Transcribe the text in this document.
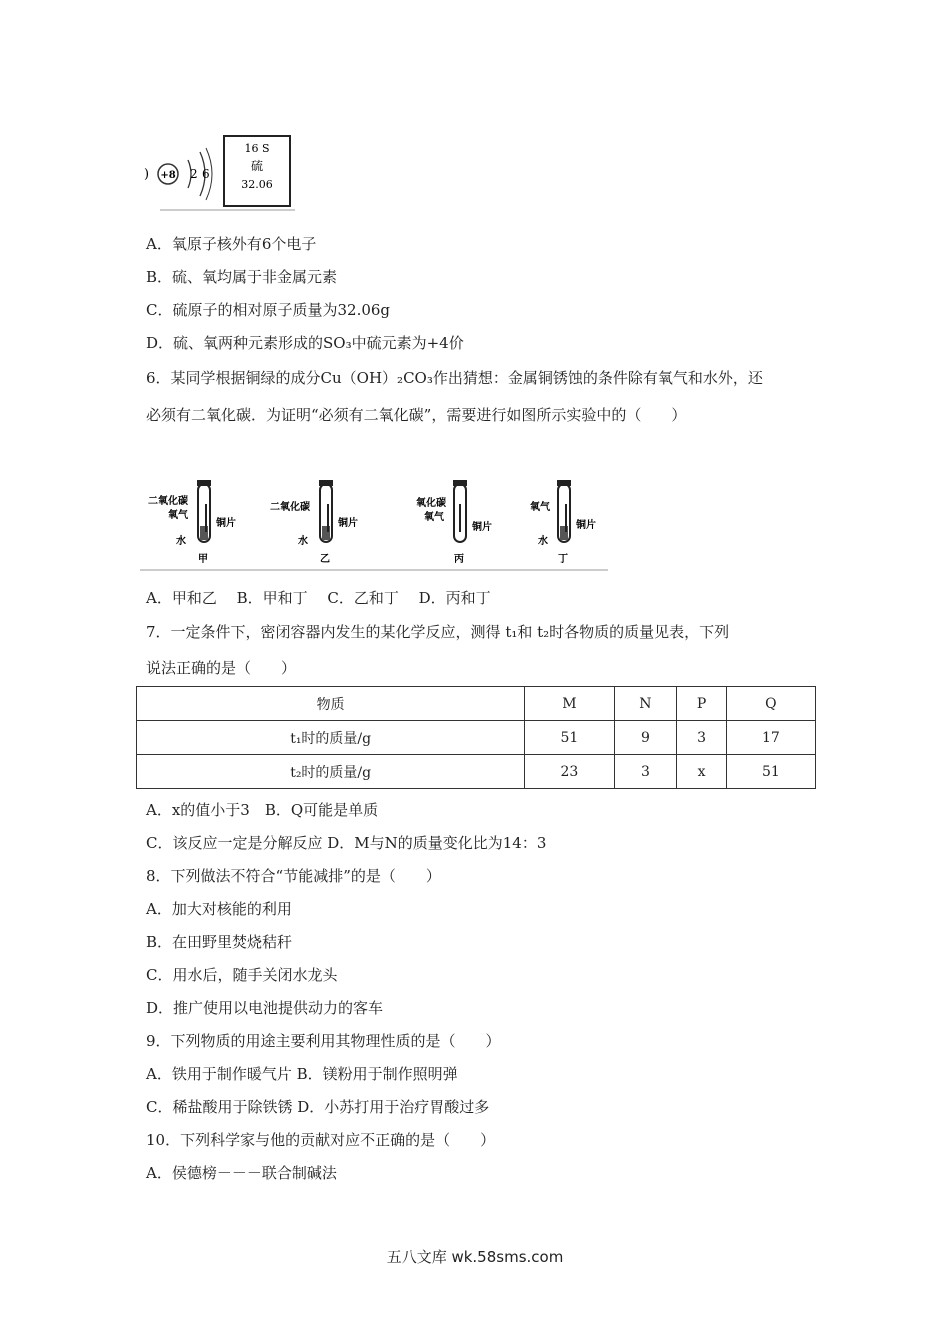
) +8 2 6
16 S
硫
32.06
A．氧原子核外有6个电子
B．硫、氧均属于非金属元素
C．硫原子的相对原子质量为32.06g
D．硫、氧两种元素形成的SO₃中硫元素为+4价
6．某同学根据铜绿的成分Cu（OH）₂CO₃作出猜想：金属铜锈蚀的条件除有氧气和水外，还
必须有二氧化碳．为证明“必须有二氧化碳”，需要进行如图所示实验中的（　　）
二氧化碳
氧气
水
铜片
甲
二氧化碳
水
铜片
乙
氧化碳
氧气
铜片
丙
氧气
水
铜片
丁
A．甲和乙　 B．甲和丁　 C．乙和丁　 D．丙和丁
7．一定条件下，密闭容器内发生的某化学反应，测得 t₁和 t₂时各物质的质量见表，下列
说法正确的是（　　）
物质	M	N	P	Q
t₁时的质量/g	51	9	3	17
t₂时的质量/g	23	3	x	51
A．x的值小于3　B．Q可能是单质
C．该反应一定是分解反应 D．M与N的质量变化比为14：3
8．下列做法不符合“节能减排”的是（　　）
A．加大对核能的利用
B．在田野里焚烧秸秆
C．用水后，随手关闭水龙头
D．推广使用以电池提供动力的客车
9．下列物质的用途主要利用其物理性质的是（　　）
A．铁用于制作暖气片 B．镁粉用于制作照明弹
C．稀盐酸用于除铁锈 D．小苏打用于治疗胃酸过多
10．下列科学家与他的贡献对应不正确的是（　　）
A．侯德榜－－－联合制碱法
五八文库 wk.58sms.com
